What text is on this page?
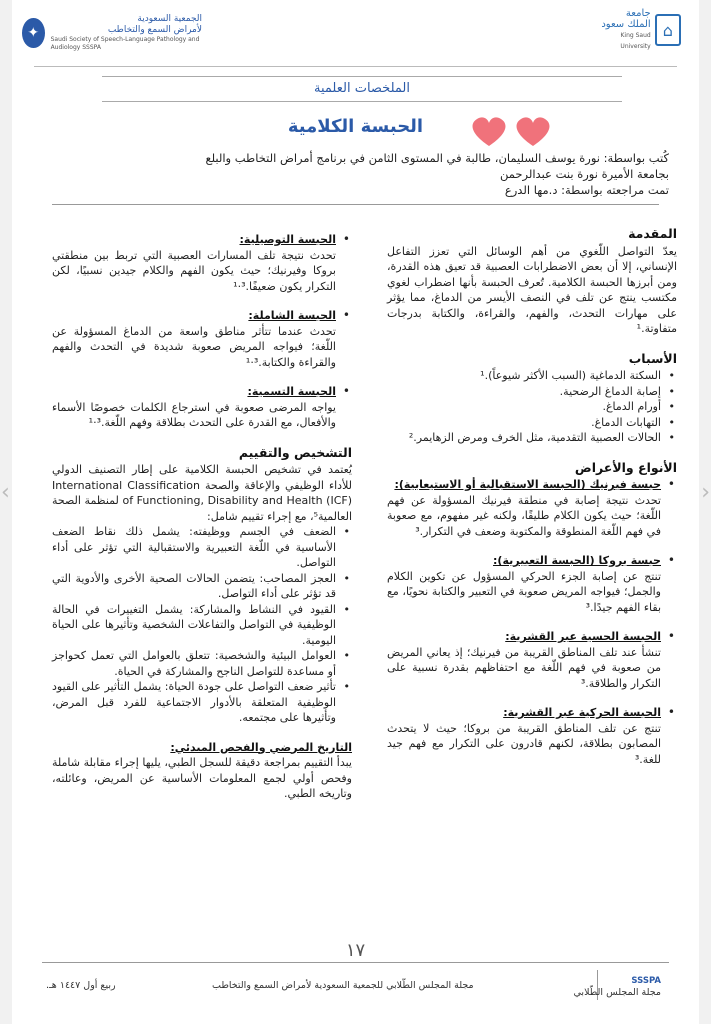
‹	›
✦
الجمعية السعودية
لأمراض السمع والتخاطب
Saudi Society of Speech-Language Pathology and Audiology SSSPA
جامعة
الملك سعود
King Saud University
⌂
الملخصات العلمية
الحبسة الكلامية
كُتب بواسطة: نورة يوسف السليمان، طالبة في المستوى الثامن في برنامج أمراض التخاطب والبلع
بجامعة الأميرة نورة بنت عبدالرحمن
تمت مراجعته بواسطة: د.مها الدرع
المقدمة

يعدّ التواصل اللّغوي من أهم الوسائل التي تعزز التفاعل الإنساني، إلا أن بعض الاضطرابات العصبية قد تعيق هذه القدرة، ومن أبرزها الحبسة الكلامية. تُعرف الحبسة بأنها اضطراب لغوي مكتسب ينتج عن تلف في النصف الأيسر من الدماغ، مما يؤثر على مهارات التحدث، والفهم، والقراءة، والكتابة بدرجات متفاوتة.¹

الأسباب
• السكتة الدماغية (السبب الأكثر شيوعاً).¹
• إصابة الدماغ الرضحية.
• أورام الدماغ.
• التهابات الدماغ.
• الحالات العصبية التقدمية، مثل الخرف ومرض الزهايمر.²
الأنواع والأعراض
• حبسة فيرنيك (الحبسة الاستقبالية أو الاستيعابية):

تحدث نتيجة إصابة في منطقة فيرنيك المسؤولة عن فهم اللّغة؛ حيث يكون الكلام طليقًا، ولكنه غير مفهوم، مع صعوبة في فهم اللّغة المنطوقة والمكتوبة وضعف في التكرار.³

• حبسة بروكا (الحبسة التعبيرية):

تنتج عن إصابة الجزء الحركي المسؤول عن تكوين الكلام والجمل؛ فيواجه المريض صعوبة في التعبير والكتابة نحويًا، مع بقاء الفهم جيدًا.³

• الحبسة الحسية عبر القشرية:

تنشأ عند تلف المناطق القريبة من فيرنيك؛ إذ يعاني المريض من صعوبة في فهم اللّغة مع احتفاظهم بقدرة نسبية على التكرار والطلاقة.³

• الحبسة الحركية عبر القشرية:

تنتج عن تلف المناطق القريبة من بروكا؛ حيث لا يتحدث المصابون بطلاقة، لكنهم قادرون على التكرار مع فهم جيد للغة.³

• الحبسة التوصيلية:

تحدث نتيجة تلف المسارات العصبية التي تربط بين منطقتي بروكا وفيرنيك؛ حيث يكون الفهم والكلام جيدين نسبيًا، لكن التكرار يكون ضعيفًا.³·¹

• الحبسة الشاملة:

تحدث عندما تتأثر مناطق واسعة من الدماغ المسؤولة عن اللّغة؛ فيواجه المريض صعوبة شديدة في التحدث والفهم والقراءة والكتابة.³·¹

• الحبسة التسمية:

يواجه المرضى صعوبة في استرجاع الكلمات خصوصًا الأسماء والأفعال، مع القدرة على التحدث بطلاقة وفهم اللّغة.³·¹

التشخيص والتقييم

يُعتمد في تشخيص الحبسة الكلامية على إطار التصنيف الدولي للأداء الوظيفي والإعاقة والصحة International Classification of Functioning, Disability and Health (ICF) لمنظمة الصحة العالمية⁵، مع إجراء تقييم شامل:

• الضعف في الجسم ووظيفته: يشمل ذلك نقاط الضعف الأساسية في اللّغة التعبيرية والاستقبالية التي تؤثر على أداء التواصل.
• العجز المصاحب: يتضمن الحالات الصحية الأخرى والأدوية التي قد تؤثر على أداء التواصل.
• القيود في النشاط والمشاركة: يشمل التغييرات في الحالة الوظيفية في التواصل والتفاعلات الشخصية وتأثيرها على الحياة اليومية.
• العوامل البيئية والشخصية: تتعلق بالعوامل التي تعمل كحواجز أو مساعدة للتواصل الناجح والمشاركة في الحياة.
• تأثير ضعف التواصل على جودة الحياة: يشمل التأثير على القيود الوظيفية المتعلقة بالأدوار الاجتماعية للفرد قبل المرض، وتأثيرها على مجتمعه.
التاريخ المرضي والفحص المبدئي:

يبدأ التقييم بمراجعة دقيقة للسجل الطبي، يليها إجراء مقابلة شاملة وفحص أولي لجمع المعلومات الأساسية عن المريض، وعائلته، وتاريخه الطبي.

١٧
ربيع أول ١٤٤٧ هـ.	مجلة المجلس الطّلابي للجمعية السعودية لأمراض السمع والتخاطب	SSSPA
مجلة المجلس الطّلابي
